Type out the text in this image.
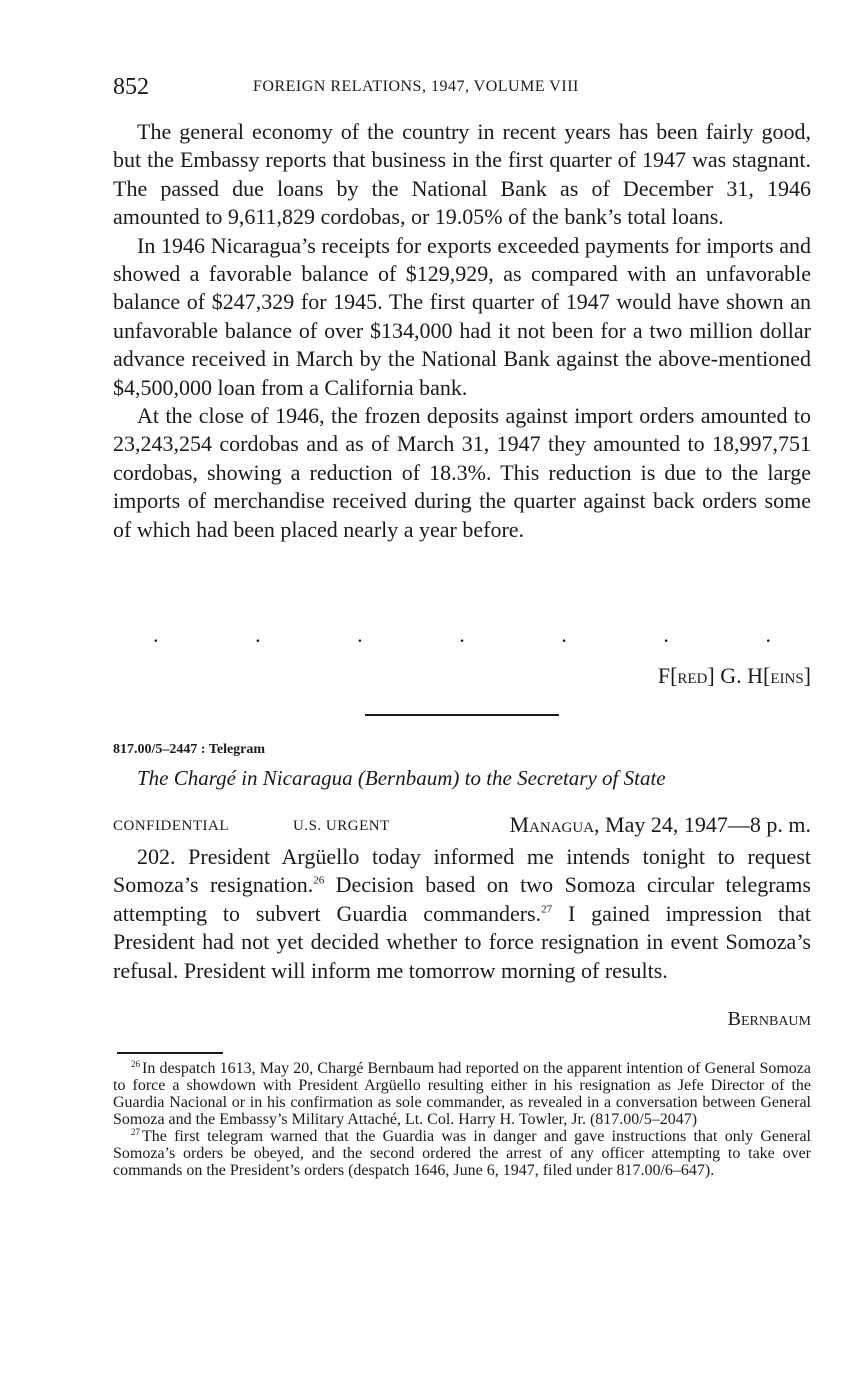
852	FOREIGN RELATIONS, 1947, VOLUME VIII

The general economy of the country in recent years has been fairly good, but the Embassy reports that business in the first quarter of 1947 was stagnant. The passed due loans by the National Bank as of December 31, 1946 amounted to 9,611,829 cordobas, or 19.05% of the bank’s total loans.

In 1946 Nicaragua’s receipts for exports exceeded payments for imports and showed a favorable balance of $129,929, as compared with an unfavorable balance of $247,329 for 1945. The first quarter of 1947 would have shown an unfavorable balance of over $134,000 had it not been for a two million dollar advance received in March by the National Bank against the above-mentioned $4,500,000 loan from a California bank.

At the close of 1946, the frozen deposits against import orders amounted to 23,243,254 cordobas and as of March 31, 1947 they amounted to 18,997,751 cordobas, showing a reduction of 18.3%. This reduction is due to the large imports of merchandise received during the quarter against back orders some of which had been placed nearly a year before.

.	.	.	.	.	.	.
F[red] G. H[eins]
817.00/5–2447 : Telegram
The Chargé in Nicaragua (Bernbaum) to the Secretary of State
CONFIDENTIAL	U.S. URGENT	Managua, May 24, 1947—8 p. m.

202. President Argüello today informed me intends tonight to request Somoza’s resignation.$^{26}$ Decision based on two Somoza circular telegrams attempting to subvert Guardia commanders.$^{27}$ I gained impression that President had not yet decided whether to force resignation in event Somoza’s refusal. President will inform me tomorrow morning of results.

Bernbaum

$^{26}$ In despatch 1613, May 20, Chargé Bernbaum had reported on the apparent intention of General Somoza to force a showdown with President Argüello resulting either in his resignation as Jefe Director of the Guardia Nacional or in his confirmation as sole commander, as revealed in a conversation between General Somoza and the Embassy’s Military Attaché, Lt. Col. Harry H. Towler, Jr. (817.00/5–2047)

$^{27}$ The first telegram warned that the Guardia was in danger and gave instructions that only General Somoza’s orders be obeyed, and the second ordered the arrest of any officer attempting to take over commands on the President’s orders (despatch 1646, June 6, 1947, filed under 817.00/6–647).
